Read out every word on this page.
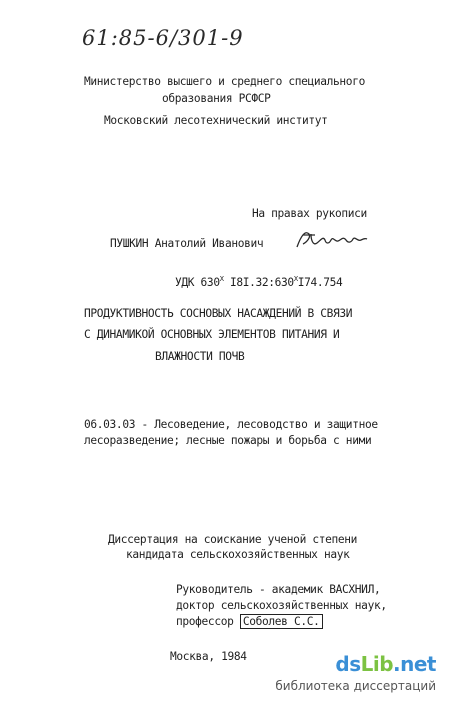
61:85-6/301-9
Министерство высшего и среднего специального
образования РСФСР
Московский лесотехнический институт
На правах рукописи
ПУШКИН Анатолий Иванович
УДК $630^Х$ $I8I.32:630^ХI74.754$
ПРОДУКТИВНОСТЬ СОСНОВЫХ НАСАЖДЕНИЙ В СВЯЗИ
С ДИНАМИКОЙ ОСНОВНЫХ ЭЛЕМЕНТОВ ПИТАНИЯ И
ВЛАЖНОСТИ ПОЧВ
06.03.03 - Лесоведение, лесоводство и защитное
лесоразведение; лесные пожары и борьба с ними
Диссертация на соискание ученой степени
кандидата сельскохозяйственных наук
Руководитель - академик ВАСХНИЛ,
доктор сельскохозяйственных наук,
профессор Соболев С.С.
Москва, 1984	ds Lib .net
библиотека диссертаций
